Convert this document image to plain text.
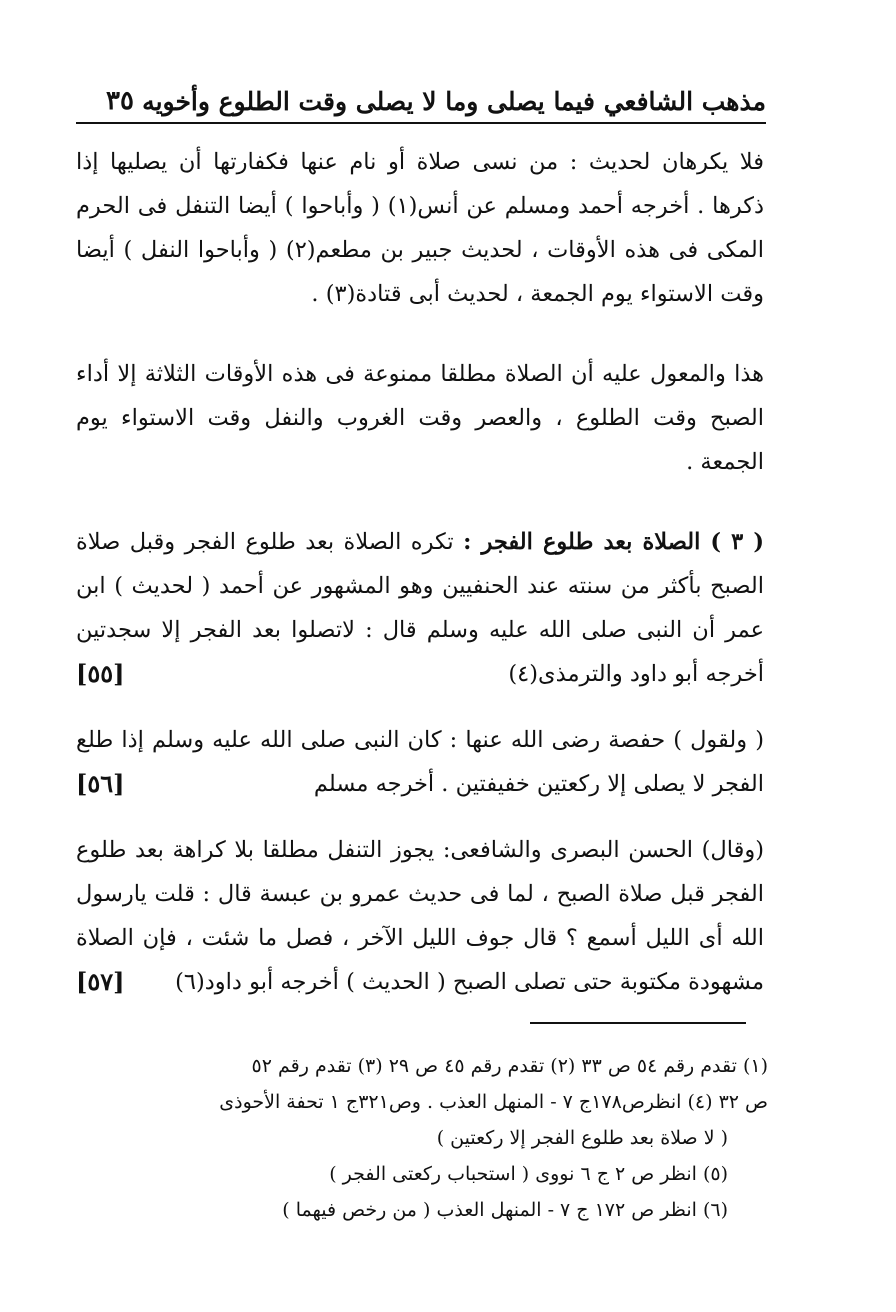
مذهب الشافعي فيما يصلى وما لا يصلى وقت الطلوع وأخويه
٣٥

فلا يكرهان لحديث : من نسى صلاة أو نام عنها فكفارتها أن يصليها إذا ذكرها . أخرجه أحمد ومسلم عن أنس(١) ( وأباحوا ) أيضا التنفل فى الحرم المكى فى هذه الأوقات ، لحديث جبير بن مطعم(٢) ( وأباحوا النفل ) أيضا وقت الاستواء يوم الجمعة ، لحديث أبى قتادة(٣) .

هذا والمعول عليه أن الصلاة مطلقا ممنوعة فى هذه الأوقات الثلاثة إلا أداء الصبح وقت الطلوع ، والعصر وقت الغروب والنفل وقت الاستواء يوم الجمعة .

( ٣ ) الصلاة بعد طلوع الفجر : تكره الصلاة بعد طلوع الفجر وقبل صلاة الصبح بأكثر من سنته عند الحنفيين وهو المشهور عن أحمد ( لحديث ) ابن عمر أن النبى صلى الله عليه وسلم قال : لاتصلوا بعد الفجر إلا سجدتين أخرجه أبو داود والترمذى(٤)
[٥٥]

( ولقول ) حفصة رضى الله عنها : كان النبى صلى الله عليه وسلم إذا طلع الفجر لا يصلى إلا ركعتين خفيفتين . أخرجه مسلم
[٥٦]

(وقال) الحسن البصرى والشافعى: يجوز التنفل مطلقا بلا كراهة بعد طلوع الفجر قبل صلاة الصبح ، لما فى حديث عمرو بن عبسة قال : قلت يارسول الله أى الليل أسمع ؟ قال جوف الليل الآخر ، فصل ما شئت ، فإن الصلاة مشهودة مكتوبة حتى تصلى الصبح ( الحديث ) أخرجه أبو داود(٦)
[٥٧]

(١) تقدم رقم ٥٤ ص ٣٣ (٢) تقدم رقم ٤٥ ص ٢٩ (٣) تقدم رقم ٥٢
ص ٣٢ (٤) انظرص١٧٨ج ٧ - المنهل العذب . وص٣٢١ج ١ تحفة الأحوذى
( لا صلاة بعد طلوع الفجر إلا ركعتين )
(٥) انظر ص ٢ ج ٦ نووى ( استحباب ركعتى الفجر )
(٦) انظر ص ١٧٢ ج ٧ - المنهل العذب ( من رخص فيهما )
